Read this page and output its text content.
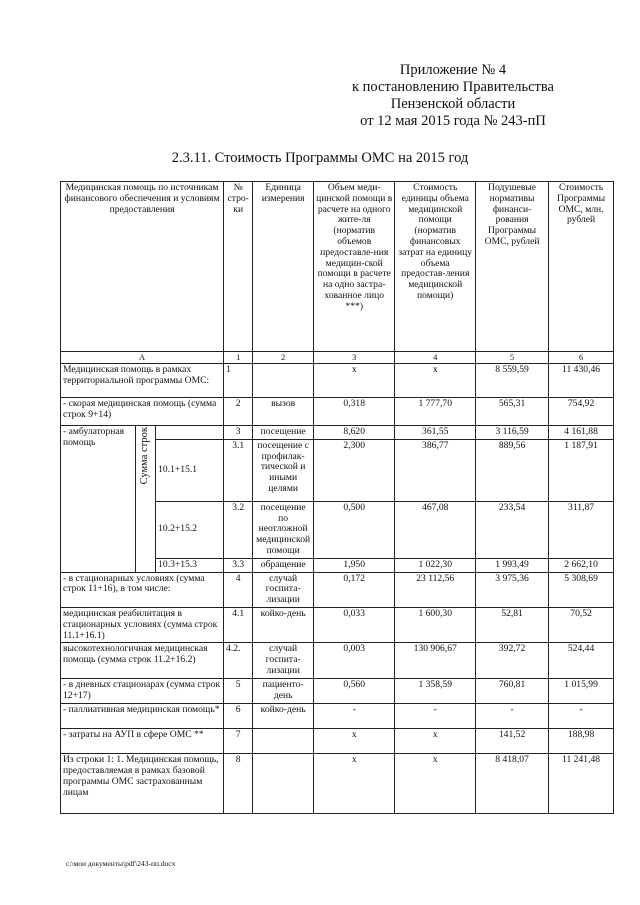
Приложение № 4
к постановлению Правительства
Пензенской области
от 12 мая 2015 года № 243-пП
2.3.11. Стоимость Программы ОМС на 2015 год
Медицинская помощь по источникам финансового обеспечения и условиям предоставления			№ стро-ки	Единица измерения	Объем меди-цинской помощи в расчете на одного жите-ля (норматив объемов предоставле-ния медицин-ской помощи в расчете на одно застра-хованное лицо ***)	Стоимость единицы объема медицинской помощи (норматив финансовых затрат на единицу объема предостав-ления медицинской помощи)	Подушевые нормативы финанси-рования Программы ОМС, рублей	Стоимость Программы ОМС, млн. рублей
А			1	2	3	4	5	6
Медицинская помощь в рамках территориальной программы ОМС:			1		х	х	8 559,59	11 430,46
- скорая медицинская помощь (сумма строк 9+14)			2	вызов	0,318	1 777,70	565,31	754,92
- амбулаторная помощь	Сумма строк		3	посещение	8,620	361,55	3 116,59	4 161,88
		10.1+15.1	3.1	посещение с профилак-тической и иными целями	2,300	386,77	889,56	1 187,91
		10.2+15.2	3.2	посещение по неотложной медицинской помощи	0,500	467,08	233,54	311,87
		10.3+15.3	3.3	обращение	1,950	1 022,30	1 993,49	2 662,10
- в стационарных условиях (сумма строк 11+16), в том числе:			4	случай госпита-лизации	0,172	23 112,56	3 975,36	5 308,69
медицинская реабилитация в стационарных условиях (сумма строк 11.1+16.1)			4.1	койко-день	0,033	1 600,30	52,81	70,52
высокотехнологичная медицинская помощь (сумма строк 11.2+16.2)			4.2.	случай госпита-лизации	0,003	130 906,67	392,72	524,44
- в дневных стационарах (сумма строк 12+17)			5	пациенто-день	0,560	1 358,59	760,81	1 015,99
- паллиативная медицинская помощь*			6	койко-день	-	-	-	-
- затраты на АУП в сфере ОМС **			7		х	х	141,52	188,98
Из строки 1: 1. Медицинская помощь, предоставляемая в рамках базовой программы ОМС застрахованным лицам			8		х	х	8 418,07	11 241,48
c:\мои документы\pdf\243-пп.docx
